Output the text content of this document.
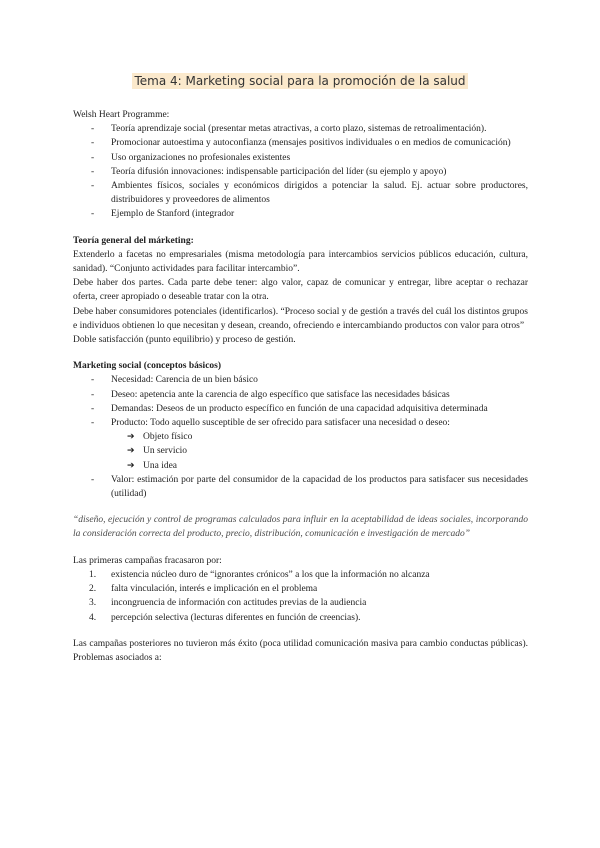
Tema 4: Marketing social para la promoción de la salud

Welsh Heart Programme:

- Teoría aprendizaje social (presentar metas atractivas, a corto plazo, sistemas de retroalimentación).
- Promocionar autoestima y autoconfianza (mensajes positivos individuales o en medios de comunicación)
- Uso organizaciones no profesionales existentes
- Teoría difusión innovaciones: indispensable participación del líder (su ejemplo y apoyo)
- Ambientes físicos, sociales y económicos dirigidos a potenciar la salud. Ej. actuar sobre productores, distribuidores y proveedores de alimentos
- Ejemplo de Stanford (integrador

Teoría general del márketing:

Extenderlo a facetas no empresariales (misma metodología para intercambios servicios públicos educación, cultura, sanidad). “Conjunto actividades para facilitar intercambio”.

Debe haber dos partes. Cada parte debe tener: algo valor, capaz de comunicar y entregar, libre aceptar o rechazar oferta, creer apropiado o deseable tratar con la otra.

Debe haber consumidores potenciales (identificarlos). “Proceso social y de gestión a través del cuál los distintos grupos e individuos obtienen lo que necesitan y desean, creando, ofreciendo e intercambiando productos con valor para otros”

Doble satisfacción (punto equilibrio) y proceso de gestión.

Marketing social (conceptos básicos)

- Necesidad: Carencia de un bien básico
- Deseo: apetencia ante la carencia de algo específico que satisface las necesidades básicas
- Demandas: Deseos de un producto específico en función de una capacidad adquisitiva determinada
- Producto: Todo aquello susceptible de ser ofrecido para satisfacer una necesidad o deseo:
➔ Objeto físico
➔ Un servicio
➔ Una idea
- Valor: estimación por parte del consumidor de la capacidad de los productos para satisfacer sus necesidades (utilidad)

“diseño, ejecución y control de programas calculados para influir en la aceptabilidad de ideas sociales, incorporando la consideración correcta del producto, precio, distribución, comunicación e investigación de mercado”

Las primeras campañas fracasaron por:

1. existencia núcleo duro de “ignorantes crónicos” a los que la información no alcanza
2. falta vinculación, interés e implicación en el problema
3. incongruencia de información con actitudes previas de la audiencia
4. percepción selectiva (lecturas diferentes en función de creencias).

Las campañas posteriores no tuvieron más éxito (poca utilidad comunicación masiva para cambio conductas públicas). Problemas asociados a:
